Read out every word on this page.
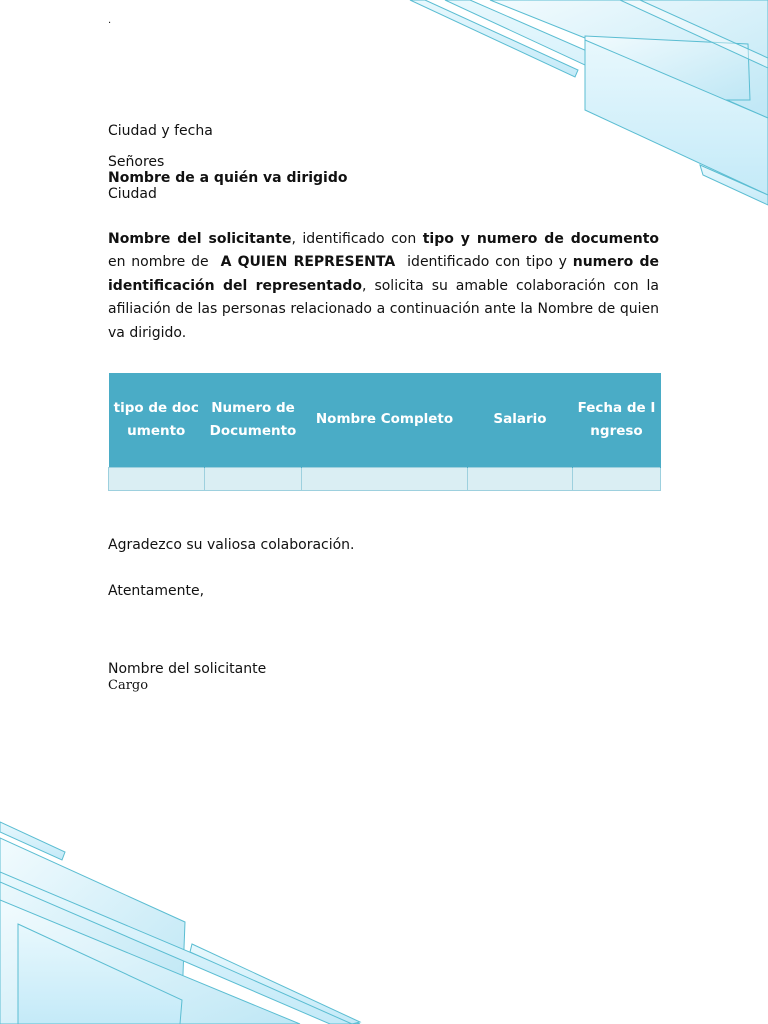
.
Ciudad y fecha
Señores
Nombre de a quién va dirigido
Ciudad

Nombre del solicitante, identificado con tipo y numero de documento en nombre de  A QUIEN REPRESENTA  identificado con tipo y numero de identificación del representado, solicita su amable colaboración con la afiliación de las personas relacionado a continuación ante la Nombre de quien va dirigido.

tipo de documento	Numero de Documento	Nombre Completo	Salario	Fecha de Ingreso

Agradezco su valiosa colaboración.
Atentamente,
Nombre del solicitante
Cargo
